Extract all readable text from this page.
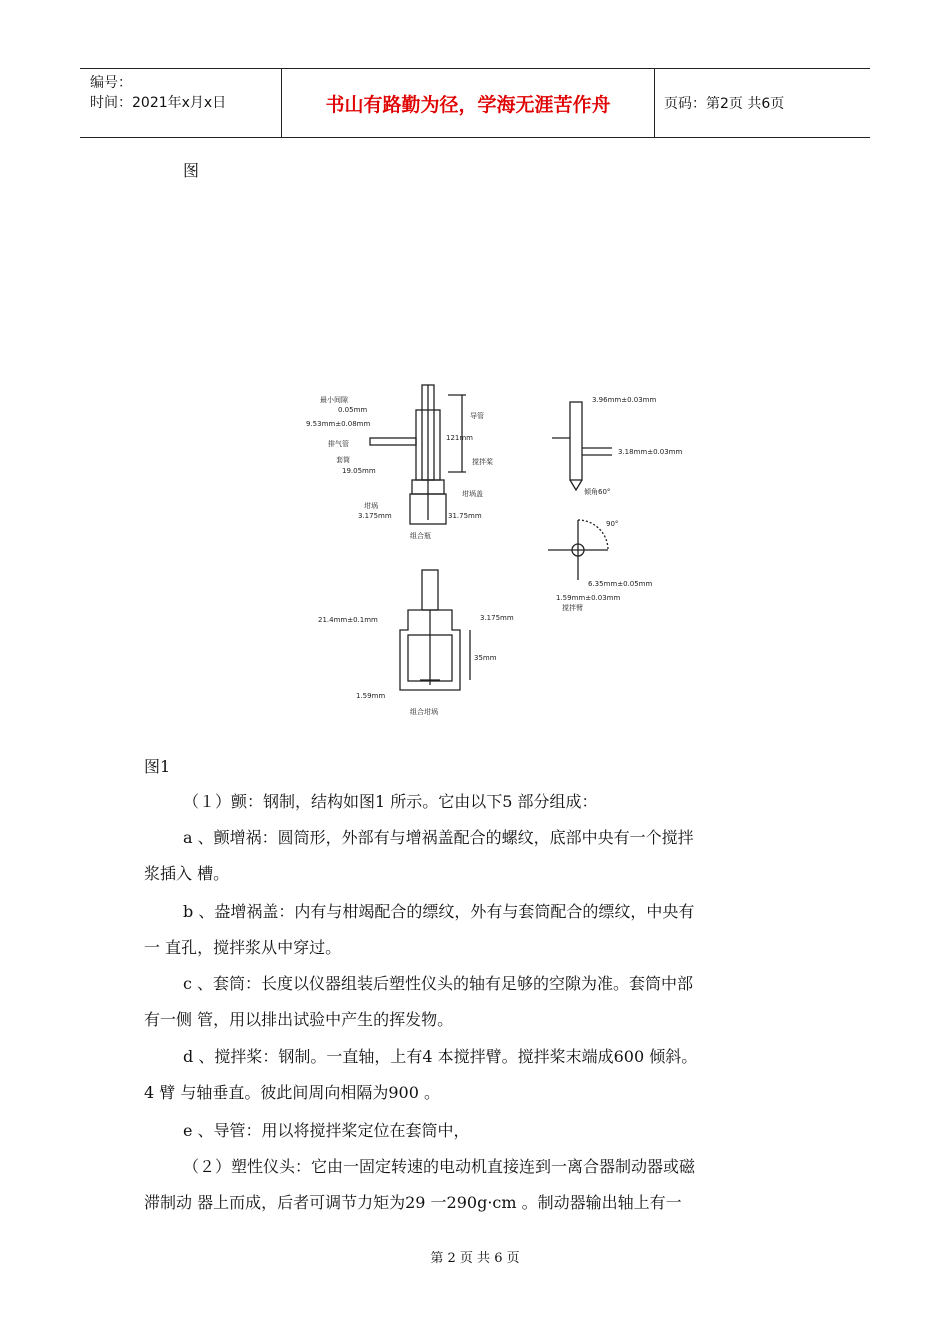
编号：
时间：2021年x月x日	书山有路勤为径，学海无涯苦作舟	页码：第2页 共6页
图
最小间隙
0.05mm
9.53mm±0.08mm
排气管
套筒
19.05mm
导管
121mm
搅拌桨
坩埚盖
坩埚
3.175mm	31.75mm
组合瓶
3.96mm±0.03mm
3.18mm±0.03mm
倾角60°
90°
6.35mm±0.05mm
1.59mm±0.03mm
搅拌臂
21.4mm±0.1mm	3.175mm
35mm
1.59mm
组合坩埚
图1
（１）颤：钢制，结构如图1 所示。它由以下5 部分组成：
a 、颤增祸：圆筒形，外部有与增祸盖配合的螺纹，底部中央有一个搅拌
浆插入 槽。
b 、盎增祸盖：内有与柑竭配合的缥纹，外有与套筒配合的缥纹，中央有
一 直孔，搅拌浆从中穿过。
c 、套筒：长度以仪器组装后塑性仪头的轴有足够的空隙为准。套筒中部
有一侧 管，用以排出试验中产生的挥发物。
d 、搅拌桨：钢制。一直轴，上有4 本搅拌臂。搅拌桨末端成600 倾斜。
4 臂 与轴垂直。彼此间周向相隔为900 。
e 、导管：用以将搅拌桨定位在套筒中，
（２）塑性仪头：它由一固定转速的电动机直接连到一离合器制动器或磁
滞制动 器上而成，后者可调节力矩为29 一290g·cm 。制动器输出轴上有一
第 2 页 共 6 页
